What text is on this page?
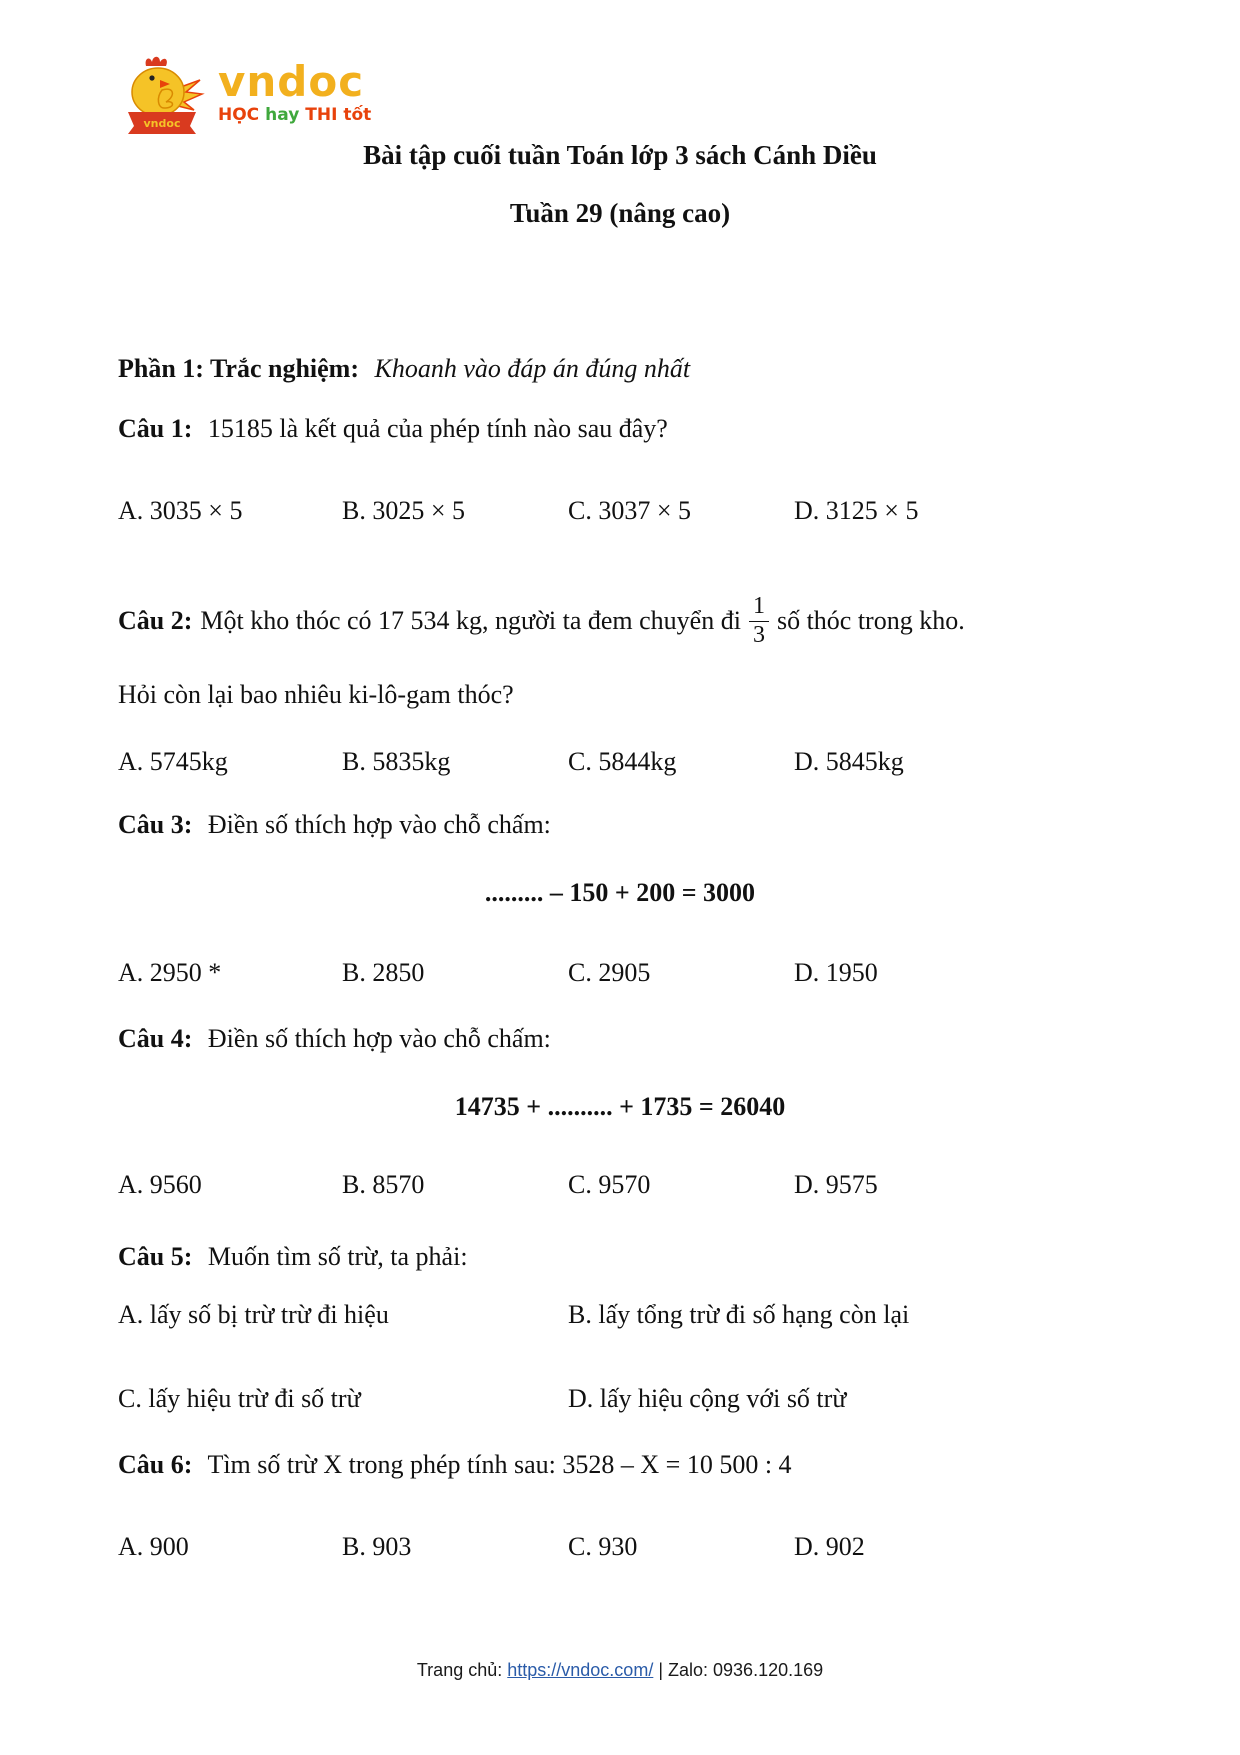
vndoc
vndoc
HỌC hay THI tốt
Bài tập cuối tuần Toán lớp 3 sách Cánh Diều
Tuần 29 (nâng cao)
Phần 1: Trắc nghiệm: Khoanh vào đáp án đúng nhất
Câu 1: 15185 là kết quả của phép tính nào sau đây?
A. 3035 × 5	B. 3025 × 5	C. 3037 × 5	D. 3125 × 5
Câu 2: Một kho thóc có 17 534 kg, người ta đem chuyển đi $\frac{1}{3}$ số thóc trong kho.
Hỏi còn lại bao nhiêu ki-lô-gam thóc?
A. 5745kg	B. 5835kg	C. 5844kg	D. 5845kg
Câu 3: Điền số thích hợp vào chỗ chấm:
......... – 150 + 200 = 3000
A. 2950 *	B. 2850	C. 2905	D. 1950
Câu 4: Điền số thích hợp vào chỗ chấm:
14735 + .......... + 1735 = 26040
A. 9560	B. 8570	C. 9570	D. 9575
Câu 5: Muốn tìm số trừ, ta phải:
A. lấy số bị trừ trừ đi hiệu	B. lấy tổng trừ đi số hạng còn lại
C. lấy hiệu trừ đi số trừ	D. lấy hiệu cộng với số trừ
Câu 6: Tìm số trừ X trong phép tính sau: 3528 – X = 10 500 : 4
A. 900	B. 903	C. 930	D. 902
Trang chủ: https://vndoc.com/ | Zalo: 0936.120.169
